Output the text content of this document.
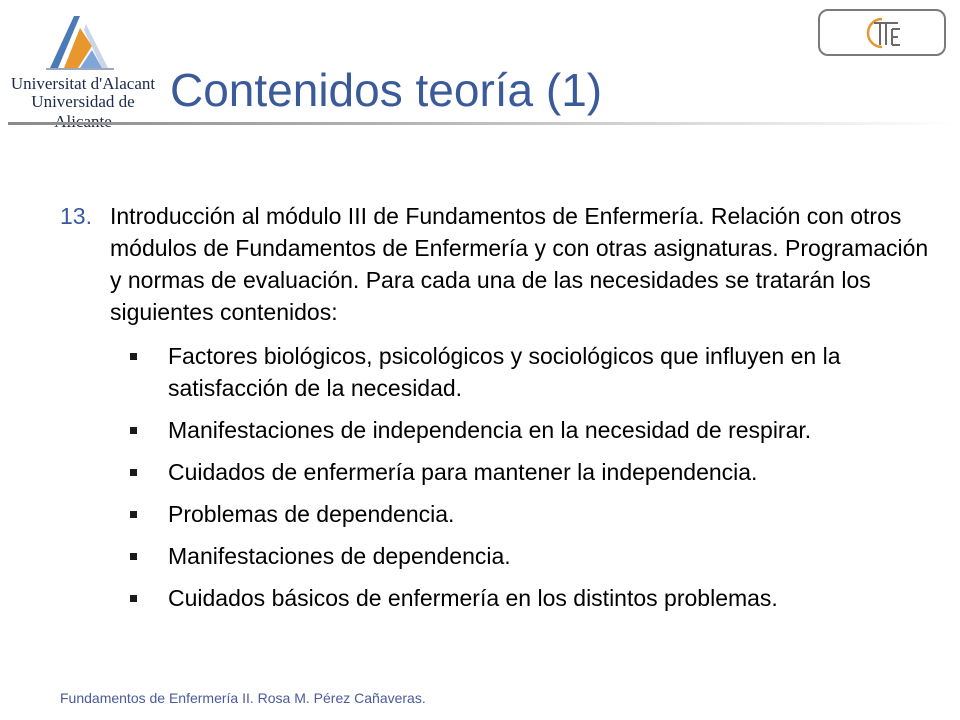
Universitat d'Alacant
Universidad de Contenidos teoría (1)
13. Introducción al módulo III de Fundamentos de Enfermería. Relación con otros módulos de Fundamentos de Enfermería y con otras asignaturas. Programación y normas de evaluación. Para cada una de las necesidades se tratarán los siguientes contenidos:
Factores biológicos, psicológicos y sociológicos que influyen en la satisfacción de la necesidad.
Manifestaciones de independencia en la necesidad de respirar.
Cuidados de enfermería para mantener la independencia.
Problemas de dependencia.
Manifestaciones de dependencia.
Cuidados básicos de enfermería en los distintos problemas.
Fundamentos de Enfermería II. Rosa M. Pérez Cañaveras.
